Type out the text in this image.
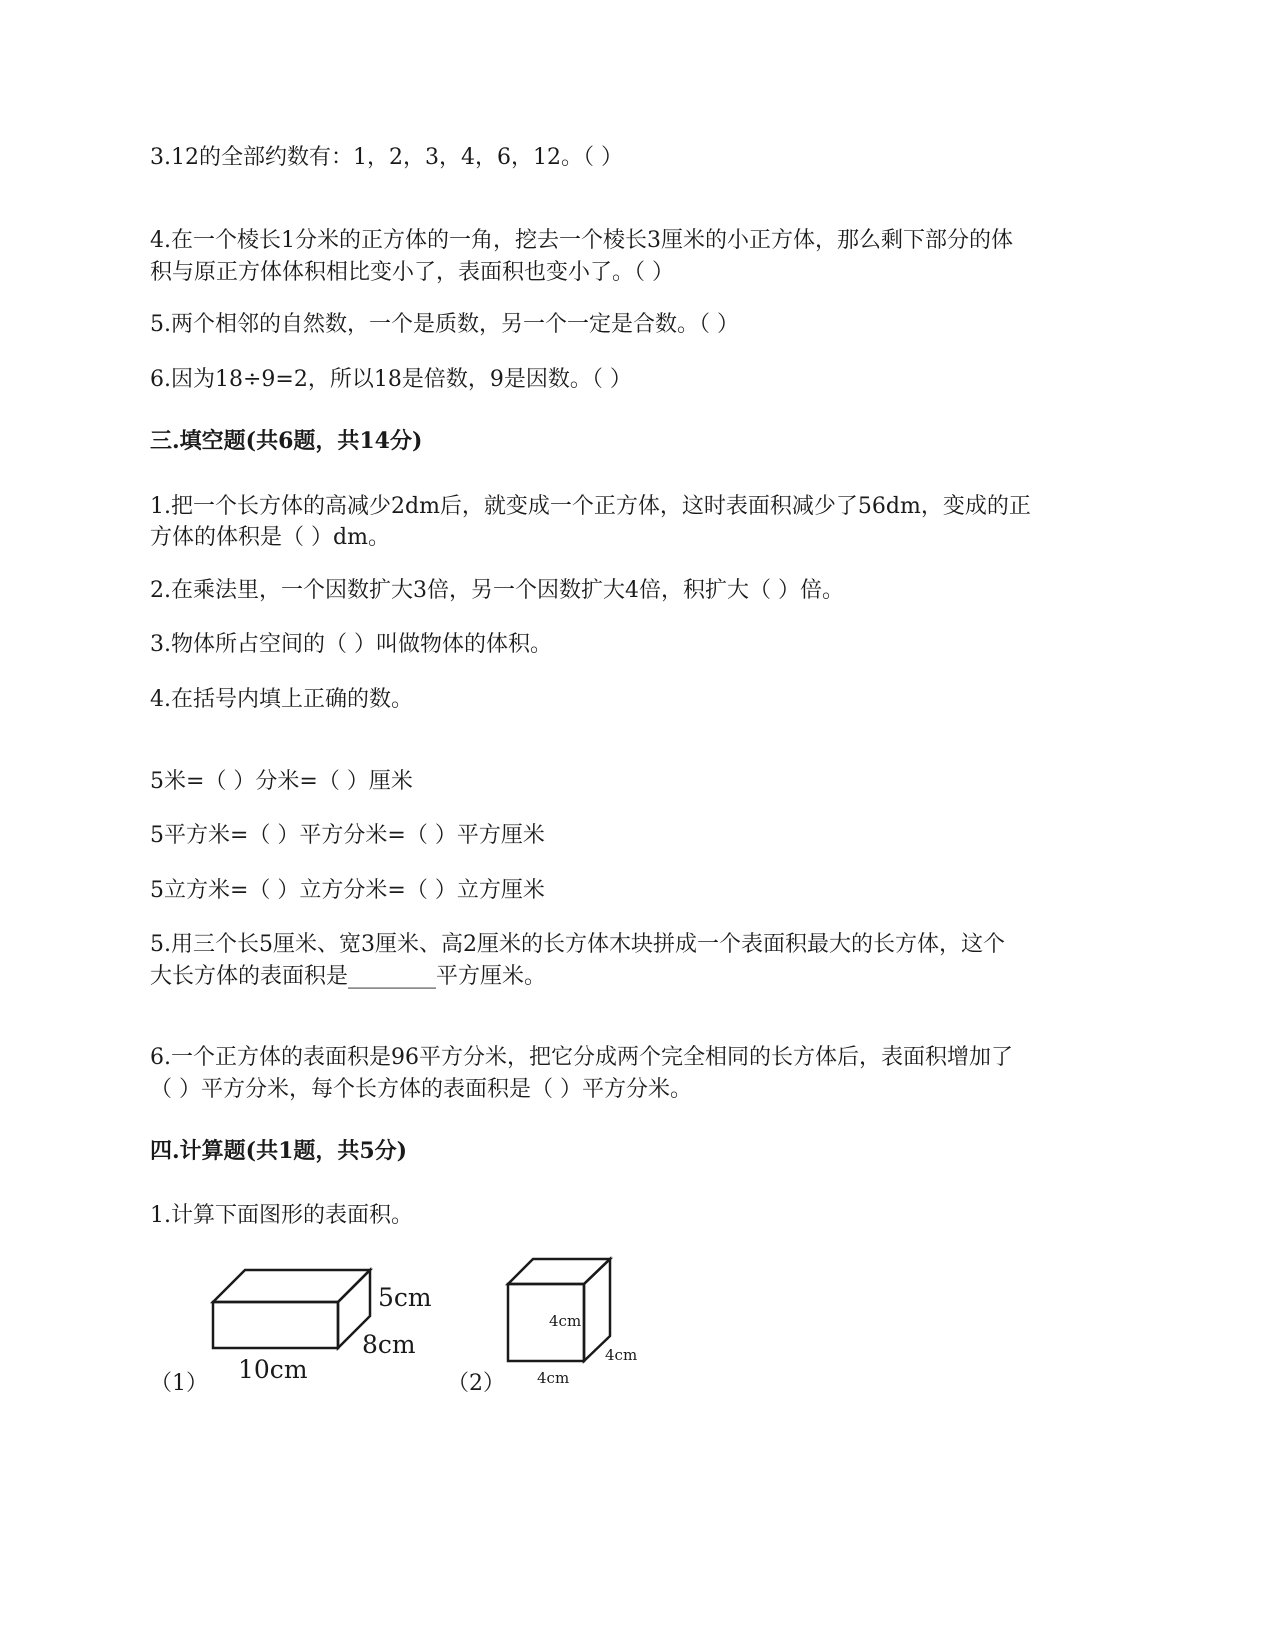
3.12的全部约数有：1，2，3，4，6，12。（ ）
4.在一个棱长1分米的正方体的一角，挖去一个棱长3厘米的小正方体，那么剩下部分的体
积与原正方体体积相比变小了，表面积也变小了。（ ）
5.两个相邻的自然数，一个是质数，另一个一定是合数。（ ）
6.因为18÷9=2，所以18是倍数，9是因数。（ ）
三.填空题(共6题，共14分)
1.把一个长方体的高减少2dm后，就变成一个正方体，这时表面积减少了56dm，变成的正
方体的体积是（ ）dm。
2.在乘法里，一个因数扩大3倍，另一个因数扩大4倍，积扩大（ ）倍。
3.物体所占空间的（ ）叫做物体的体积。
4.在括号内填上正确的数。
5米=（ ）分米=（ ）厘米
5平方米=（ ）平方分米=（ ）平方厘米
5立方米=（ ）立方分米=（ ）立方厘米
5.用三个长5厘米、宽3厘米、高2厘米的长方体木块拼成一个表面积最大的长方体，这个
大长方体的表面积是________平方厘米。
6.一个正方体的表面积是96平方分米，把它分成两个完全相同的长方体后，表面积增加了
（ ）平方分米，每个长方体的表面积是（ ）平方分米。
四.计算题(共1题，共5分)
1.计算下面图形的表面积。
（1）
5cm
8cm
10cm	（2）
4cm
4cm
4cm
